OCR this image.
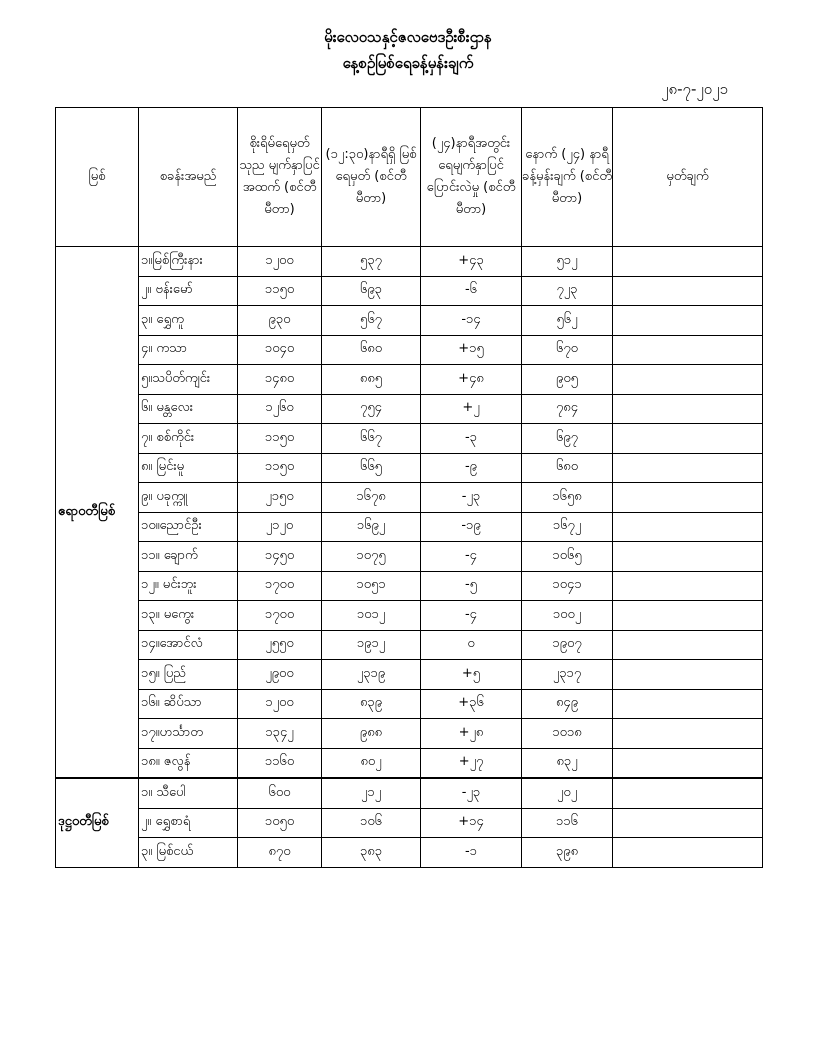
မိုးလေဝသနှင့်ဇလဗေဒဦးစီးဌာန
နေ့စဉ်မြစ်ရေခန့်မှန်းချက်
၂၈-၇-၂၀၂၁
မြစ်	စခန်းအမည်	စိုးရိမ်ရေမှတ် သုည မျက်နှာပြင် အထက် (စင်တီမီတာ)	(၁၂:၃၀)နာရီရှိ မြစ်ရေမှတ် (စင်တီမီတာ)	(၂၄)နာရီအတွင်း ရေမျက်နှာပြင် ပြောင်းလဲမှု (စင်တီမီတာ)	နောက် (၂၄) နာရီ ခန့်မှန်းချက် (စင်တီမီတာ)	မှတ်ချက်
ဧရာဝတီမြစ်	၁။မြစ်ကြီးနား	၁၂၀၀	၅၃၇	+၄၃	၅၁၂	
	၂။ ဗန်းမော်	၁၁၅၀	၆၉၃	-၆	၇၂၃	
	၃။ ရွှေကူ	၉၃၀	၅၆၇	-၁၄	၅၆၂	
	၄။ ကသာ	၁၀၄၀	၆၈၀	+၁၅	၆၇၀	
	၅။သပိတ်ကျင်း	၁၄၈၀	၈၈၅	+၄၈	၉၀၅	
	၆။ မန္တလေး	၁၂၆၀	၇၅၄	+၂	၇၈၄	
	၇။ စစ်ကိုင်း	၁၁၅၀	၆၆၇	-၃	၆၉၇	
	၈။ မြင်းမူ	၁၁၅၀	၆၆၅	-၉	၆၈၀	
	၉။ ပခုက္ကူ	၂၁၅၀	၁၆၇၈	-၂၃	၁၆၅၈	
	၁၀။ညောင်ဦး	၂၁၂၀	၁၆၉၂	-၁၉	၁၆၇၂	
	၁၁။ ချောက်	၁၄၅၀	၁၀၇၅	-၄	၁၀၆၅	
	၁၂။ မင်းဘူး	၁၇၀၀	၁၀၅၁	-၅	၁၀၄၁	
	၁၃။ မကွေး	၁၇၀၀	၁၀၁၂	-၄	၁၀၀၂	
	၁၄။အောင်လံ	၂၅၅၀	၁၉၁၂	၀	၁၉၀၇	
	၁၅။ ပြည်	၂၉၀၀	၂၃၁၉	+၅	၂၃၁၇	
	၁၆။ ဆိပ်သာ	၁၂၀၀	၈၃၉	+၃၆	၈၄၉	
	၁၇။ဟင်္သာတ	၁၃၄၂	၉၈၈	+၂၈	၁၀၁၈	
	၁၈။ ဇလွန်	၁၁၆၀	၈၀၂	+၂၇	၈၃၂	
ဒုဋ္ဌဝတီမြစ်	၁။ သီပေါ	၆၀၀	၂၁၂	-၂၃	၂၀၂	
	၂။ ရွှေစာရံ	၁၀၅၀	၁၀၆	+၁၄	၁၁၆	
	၃။ မြစ်ငယ်	၈၇၀	၃၈၃	-၁	၃၉၈	
